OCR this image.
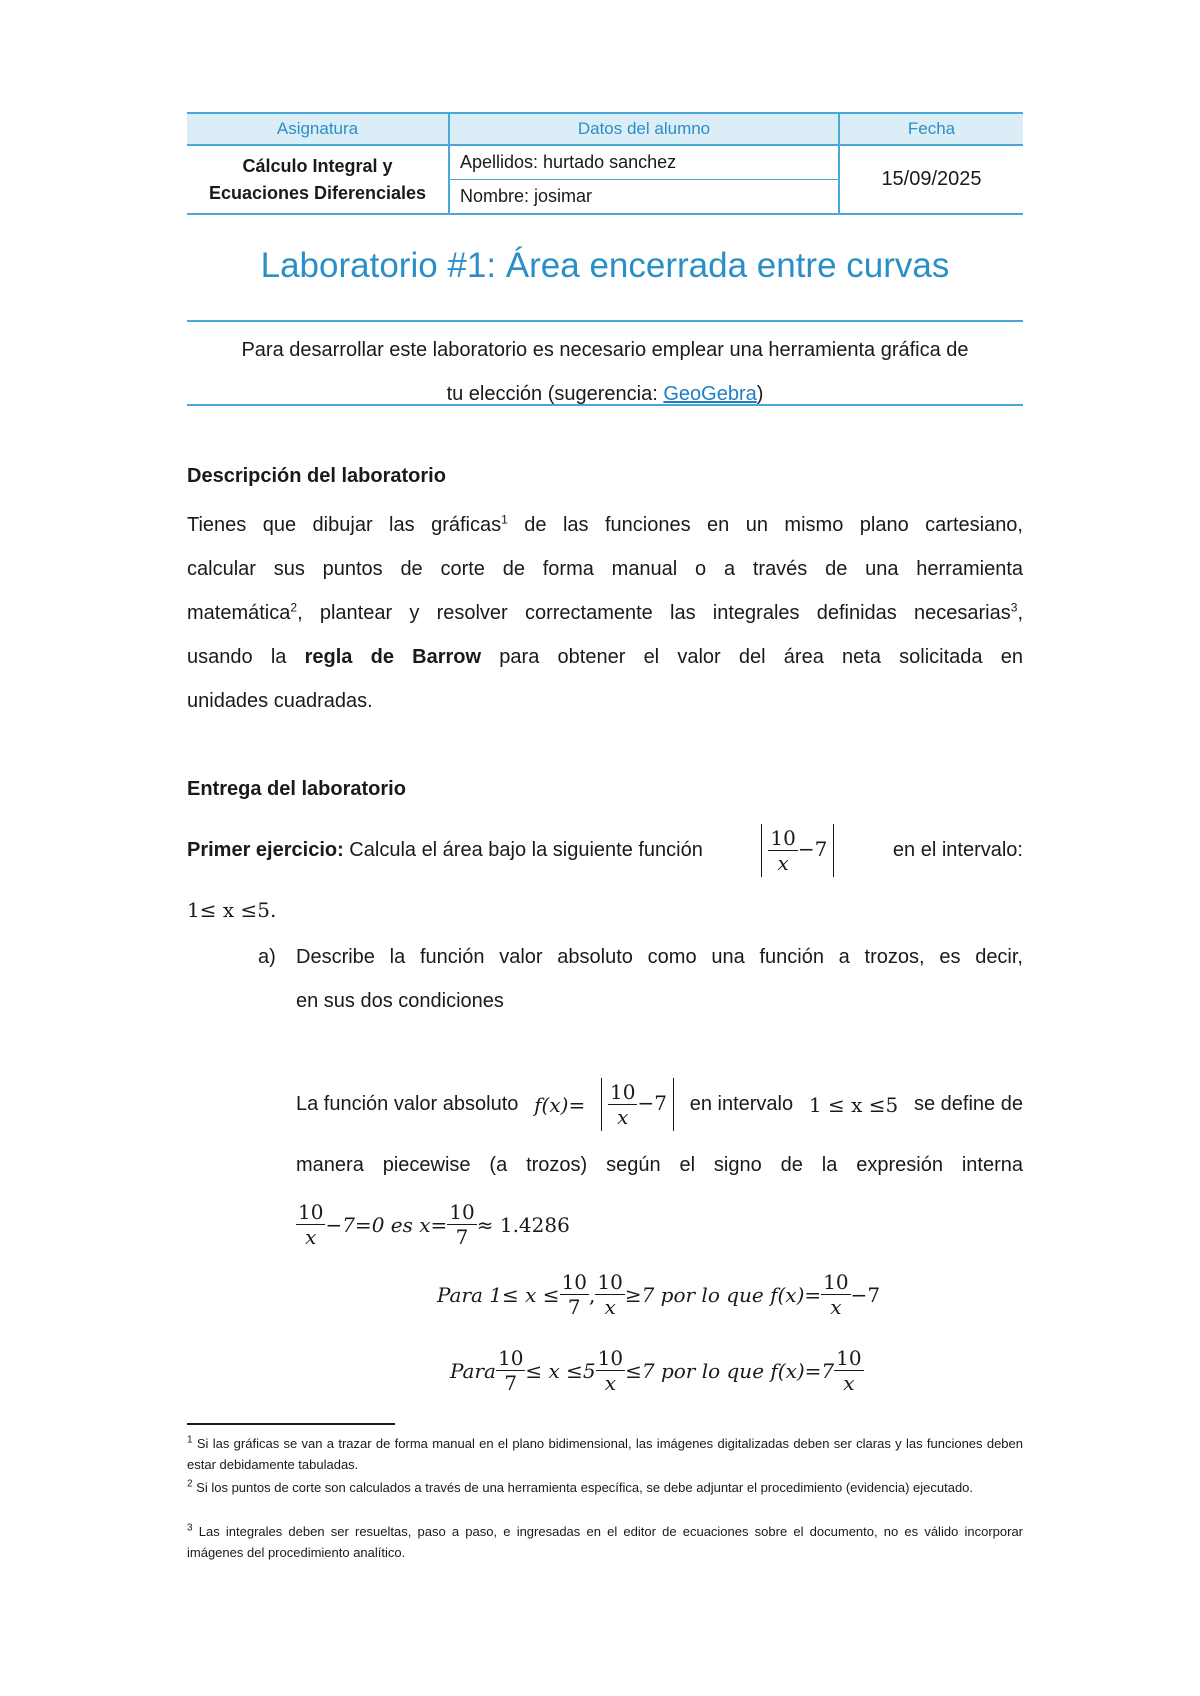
Asignatura	Datos del alumno	Fecha
Cálculo Integral y
Ecuaciones Diferenciales	Apellidos: hurtado sanchez	15/09/2025
	Nombre: josimar	
Laboratorio #1: Área encerrada entre curvas
Para desarrollar este laboratorio es necesario emplear una herramienta gráfica de
tu elección (sugerencia: GeoGebra)
Descripción del laboratorio
Tienes que dibujar las gráficas$^1$ de las funciones en un mismo plano cartesiano,
calcular sus puntos de corte de forma manual o a través de una herramienta
matemática$^2$, plantear y resolver correctamente las integrales definidas necesarias$^3$,
usando la regla de Barrow para obtener el valor del área neta solicitada en
unidades cuadradas.
Entrega del laboratorio
Primer ejercicio: Calcula el área bajo la siguiente función	$\frac{10}{x} -7$	en el intervalo:
1≤ x ≤5.
a) Describe la función valor absoluto como una función a trozos, es decir,
en sus dos condiciones
La función valor absoluto $f(x)= \frac{10}{x} -7$	en intervalo 1 ≤ x ≤5 se define de
manera piecewise (a trozos) según el signo de la expresión interna
$\frac{10}{x} -7=0$ es $x= \frac{10}{7} \approx 1.4286$
Para $1\le x \le \frac{10}{7}$ , $\frac{10}{x} \ge 7$ por lo que $f(x)= \frac{10}{x} -7$
Para $\frac{10}{7} \le x \le 5 \frac{10}{x} \le 7$ por lo que $f(x)=7 \frac{10}{x}$
$^1$ Si las gráficas se van a trazar de forma manual en el plano bidimensional, las imágenes digitalizadas deben ser claras y las funciones deben estar debidamente tabuladas.
$^2$ Si los puntos de corte son calculados a través de una herramienta específica, se debe adjuntar el procedimiento (evidencia) ejecutado.
$^3$ Las integrales deben ser resueltas, paso a paso, e ingresadas en el editor de ecuaciones sobre el documento, no es válido incorporar imágenes del procedimiento analítico.
